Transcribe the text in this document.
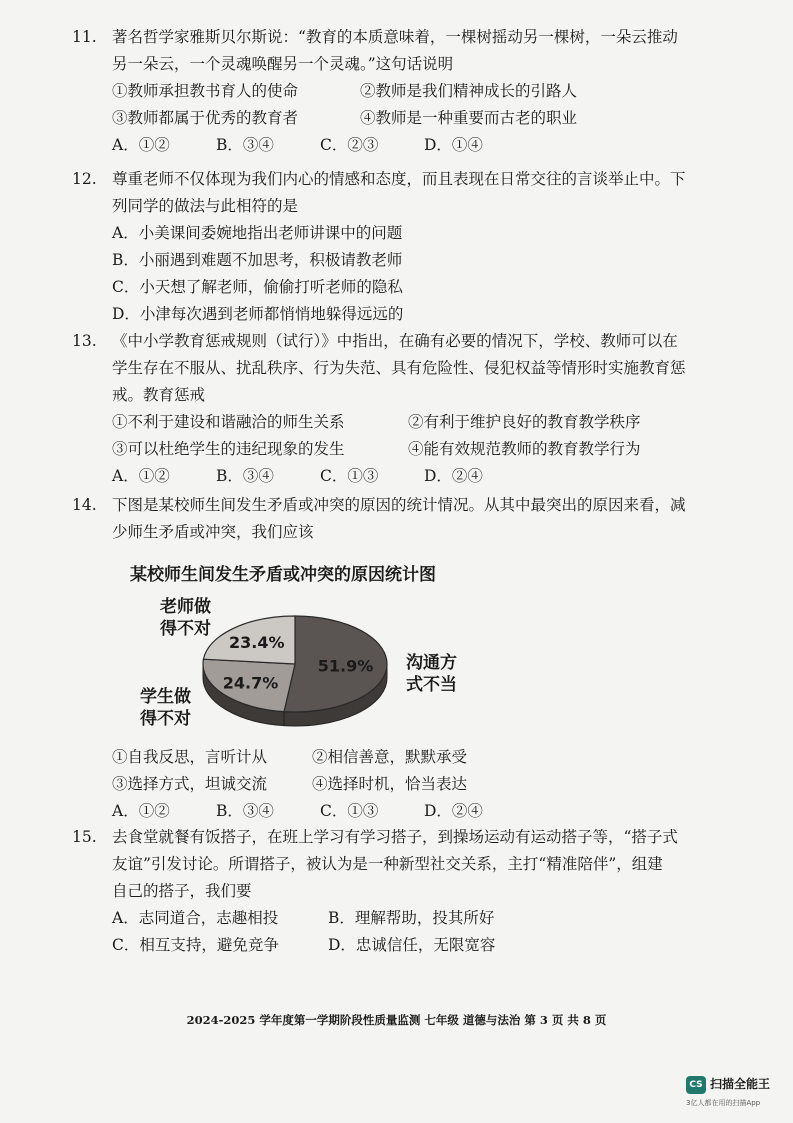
11. 著名哲学家雅斯贝尔斯说：“教育的本质意味着，一棵树摇动另一棵树，一朵云推动
另一朵云，一个灵魂唤醒另一个灵魂。”这句话说明
①教师承担教书育人的使命	②教师是我们精神成长的引路人
③教师都属于优秀的教育者	④教师是一种重要而古老的职业
A．①②	B．③④	C．②③	D．①④
12. 尊重老师不仅体现为我们内心的情感和态度，而且表现在日常交往的言谈举止中。下
列同学的做法与此相符的是
A．小美课间委婉地指出老师讲课中的问题
B．小丽遇到难题不加思考，积极请教老师
C．小天想了解老师，偷偷打听老师的隐私
D．小津每次遇到老师都悄悄地躲得远远的
13. 《中小学教育惩戒规则（试行）》中指出，在确有必要的情况下，学校、教师可以在
学生存在不服从、扰乱秩序、行为失范、具有危险性、侵犯权益等情形时实施教育惩
戒。教育惩戒
①不利于建设和谐融洽的师生关系	②有利于维护良好的教育教学秩序
③可以杜绝学生的违纪现象的发生	④能有效规范教师的教育教学行为
A．①②	B．③④	C．①③	D．②④
14. 下图是某校师生间发生矛盾或冲突的原因的统计情况。从其中最突出的原因来看，减
少师生矛盾或冲突，我们应该
某校师生间发生矛盾或冲突的原因统计图
51.9%
24.7%
23.4%
老师做
得不对
沟通方
式不当
学生做
得不对
①自我反思，言听计从	②相信善意，默默承受
③选择方式，坦诚交流	④选择时机，恰当表达
A．①②	B．③④	C．①③	D．②④
15. 去食堂就餐有饭搭子，在班上学习有学习搭子，到操场运动有运动搭子等，“搭子式
友谊”引发讨论。所谓搭子，被认为是一种新型社交关系，主打“精准陪伴”，组建
自己的搭子，我们要
A．志同道合，志趣相投	B．理解帮助，投其所好
C．相互支持，避免竞争	D．忠诚信任，无限宽容
2024-2025 学年度第一学期阶段性质量监测 七年级 道德与法治 第 3 页 共 8 页
CS 扫描全能王
3亿人都在用的扫描App
